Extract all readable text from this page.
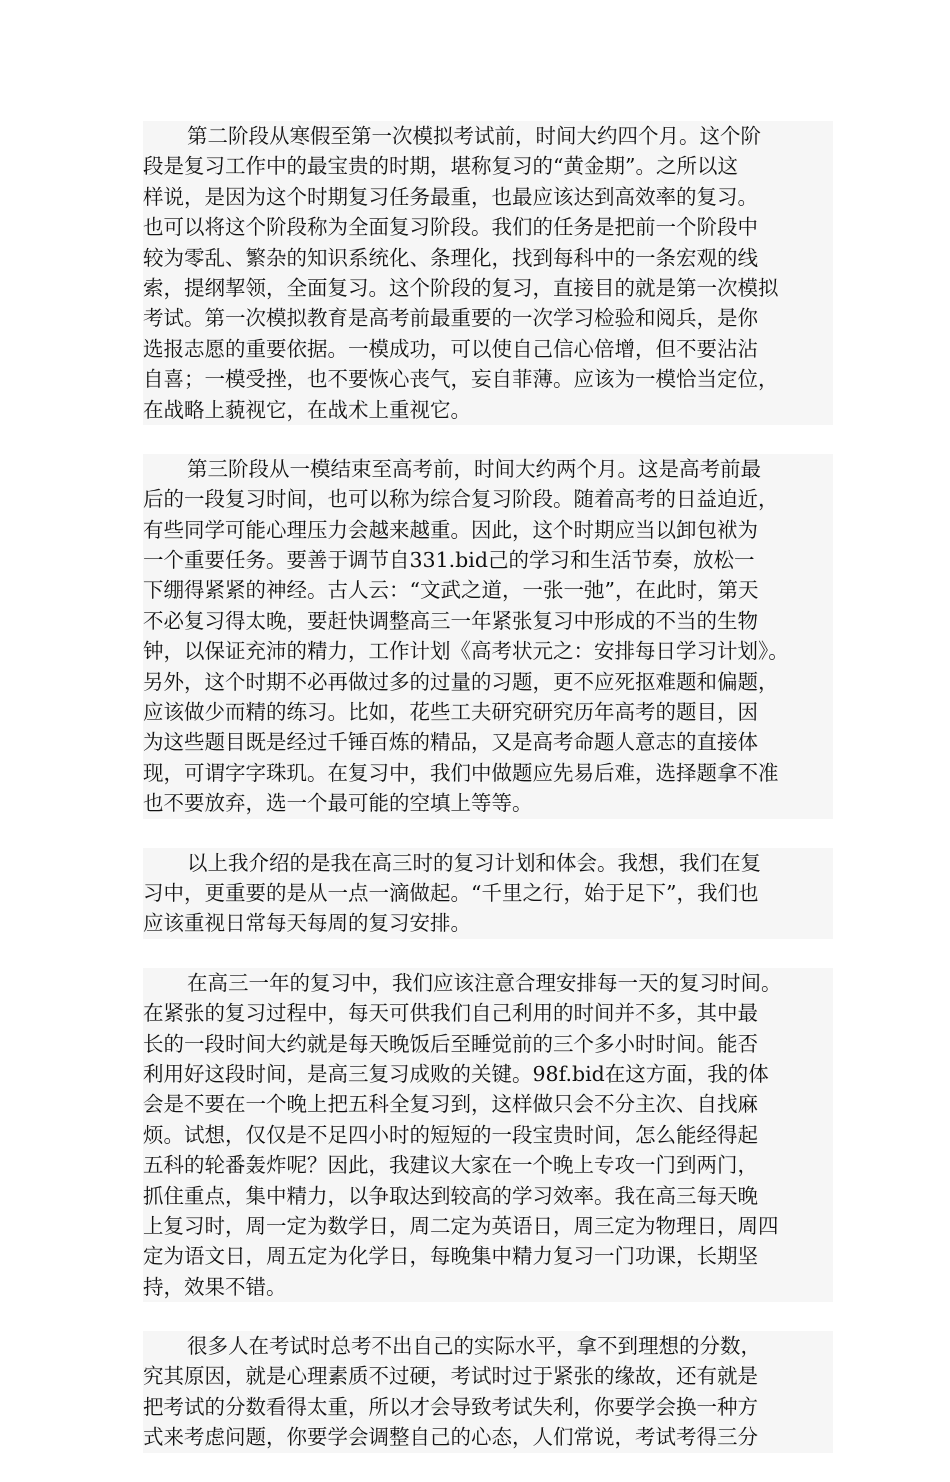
第二阶段从寒假至第一次模拟考试前，时间大约四个月。这个阶
段是复习工作中的最宝贵的时期，堪称复习的“黄金期”。之所以这
样说，是因为这个时期复习任务最重，也最应该达到高效率的复习。
也可以将这个阶段称为全面复习阶段。我们的任务是把前一个阶段中
较为零乱、繁杂的知识系统化、条理化，找到每科中的一条宏观的线
索，提纲挈领，全面复习。这个阶段的复习，直接目的就是第一次模拟
考试。第一次模拟教育是高考前最重要的一次学习检验和阅兵，是你
选报志愿的重要依据。一模成功，可以使自己信心倍增，但不要沾沾
自喜；一模受挫，也不要恢心丧气，妄自菲薄。应该为一模恰当定位，
在战略上藐视它，在战术上重视它。
第三阶段从一模结束至高考前，时间大约两个月。这是高考前最
后的一段复习时间，也可以称为综合复习阶段。随着高考的日益迫近，
有些同学可能心理压力会越来越重。因此，这个时期应当以卸包袱为
一个重要任务。要善于调节自331.bid己的学习和生活节奏，放松一
下绷得紧紧的神经。古人云：“文武之道，一张一弛”，在此时，第天
不必复习得太晚，要赶快调整高三一年紧张复习中形成的不当的生物
钟，以保证充沛的精力，工作计划《高考状元之：安排每日学习计划》。
另外，这个时期不必再做过多的过量的习题，更不应死抠难题和偏题，
应该做少而精的练习。比如，花些工夫研究研究历年高考的题目，因
为这些题目既是经过千锤百炼的精品，又是高考命题人意志的直接体
现，可谓字字珠玑。在复习中，我们中做题应先易后难，选择题拿不准
也不要放弃，选一个最可能的空填上等等。
以上我介绍的是我在高三时的复习计划和体会。我想，我们在复
习中，更重要的是从一点一滴做起。“千里之行，始于足下”，我们也
应该重视日常每天每周的复习安排。
在高三一年的复习中，我们应该注意合理安排每一天的复习时间。
在紧张的复习过程中，每天可供我们自己利用的时间并不多，其中最
长的一段时间大约就是每天晚饭后至睡觉前的三个多小时时间。能否
利用好这段时间，是高三复习成败的关键。98f.bid在这方面，我的体
会是不要在一个晚上把五科全复习到，这样做只会不分主次、自找麻
烦。试想，仅仅是不足四小时的短短的一段宝贵时间，怎么能经得起
五科的轮番轰炸呢？因此，我建议大家在一个晚上专攻一门到两门，
抓住重点，集中精力，以争取达到较高的学习效率。我在高三每天晚
上复习时，周一定为数学日，周二定为英语日，周三定为物理日，周四
定为语文日，周五定为化学日，每晚集中精力复习一门功课，长期坚
持，效果不错。
很多人在考试时总考不出自己的实际水平，拿不到理想的分数，
究其原因，就是心理素质不过硬，考试时过于紧张的缘故，还有就是
把考试的分数看得太重，所以才会导致考试失利，你要学会换一种方
式来考虑问题，你要学会调整自己的心态，人们常说，考试考得三分
